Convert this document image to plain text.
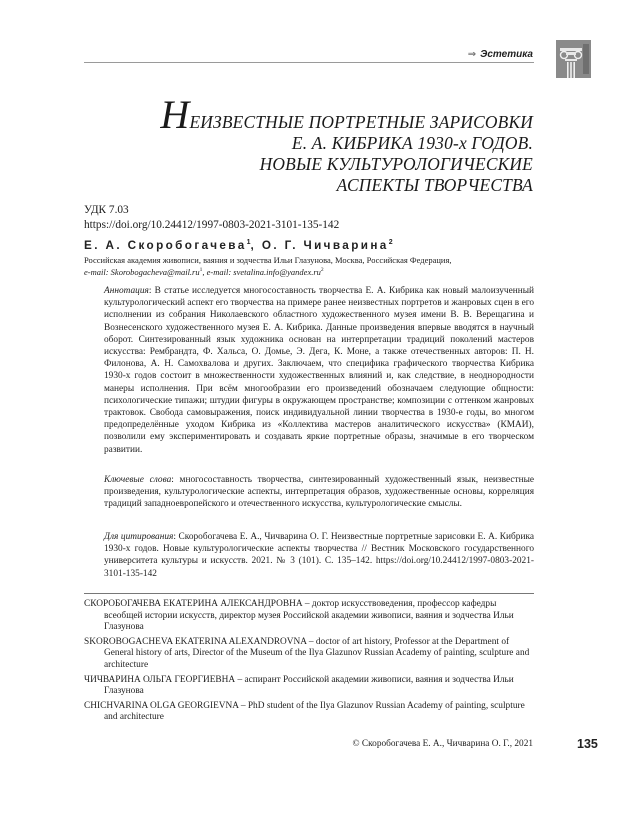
⇒ Эстетика
НЕИЗВЕСТНЫЕ ПОРТРЕТНЫЕ ЗАРИСОВКИ
Е. А. КИБРИКА 1930-х ГОДОВ.
НОВЫЕ КУЛЬТУРОЛОГИЧЕСКИЕ
АСПЕКТЫ ТВОРЧЕСТВА
УДК 7.03
https://doi.org/10.24412/1997-0803-2021-3101-135-142
Е. А. Скоробогачева$^1$, О. Г. Чичварина$^2$
Российская академия живописи, ваяния и зодчества Ильи Глазунова, Москва, Российская Федерация,
e-mail: $Skorobogacheva@mail.ru^1$, e-mail: $svetalina.info@yandex.ru^2$

Аннотация: В статье исследуется многосоставность творчества Е. А. Кибрика как новый малоизученный культурологический аспект его творчества на примере ранее неизвестных портретов и жанровых сцен в его исполнении из собрания Николаевского областного художественного музея имени В. В. Верещагина и Вознесенского художественного музея Е. А. Кибрика. Данные произведения впервые вводятся в научный оборот. Синтезированный язык художника основан на интерпретации традиций поколений мастеров искусства: Рембрандта, Ф. Хальса, О. Домье, Э. Дега, К. Моне, а также отечественных авторов: П. Н. Филонова, А. Н. Самохвалова и других. Заключаем, что специфика графического творчества Кибрика 1930-х годов состоит в множественности художественных влияний и, как следствие, в неоднородности манеры исполнения. При всём многообразии его произведений обозначаем следующие общности: психологические типажи; штудии фигуры в окружающем пространстве; композиции с оттенком жанровых трактовок. Свобода самовыражения, поиск индивидуальной линии творчества в 1930-е годы, во многом предопределённые уходом Кибрика из «Коллектива мастеров аналитического искусства» (КМАИ), позволили ему экспериментировать и создавать яркие портретные образы, значимые в его творческом развитии.

Ключевые слова: многосоставность творчества, синтезированный художественный язык, неизвестные произведения, культурологические аспекты, интерпретация образов, художественные основы, корреляция традиций западноевропейского и отечественного искусства, культурологические смыслы.

Для цитирования: Скоробогачева Е. А., Чичварина О. Г. Неизвестные портретные зарисовки Е. А. Кибрика 1930-х годов. Новые культурологические аспекты творчества // Вестник Московского государственного университета культуры и искусств. 2021. № 3 (101). С. 135–142. https://doi.org/10.24412/1997-0803-2021-3101-135-142

СКОРОБОГАЧЕВА ЕКАТЕРИНА АЛЕКСАНДРОВНА – доктор искусствоведения, профессор кафедры всеобщей истории искусств, директор музея Российской академии живописи, ваяния и зодчества Ильи Глазунова

SKOROBOGACHEVA EKATERINA ALEXANDROVNA – doctor of art history, Professor at the Department of General history of arts, Director of the Museum of the Ilya Glazunov Russian Academy of painting, sculpture and architecture

ЧИЧВАРИНА ОЛЬГА ГЕОРГИЕВНА – аспирант Российской академии живописи, ваяния и зодчества Ильи Глазунова

CHICHVARINA OLGA GEORGIEVNA – PhD student of the Ilya Glazunov Russian Academy of painting, sculpture and architecture

© Скоробогачева Е. А., Чичварина О. Г., 2021	135
